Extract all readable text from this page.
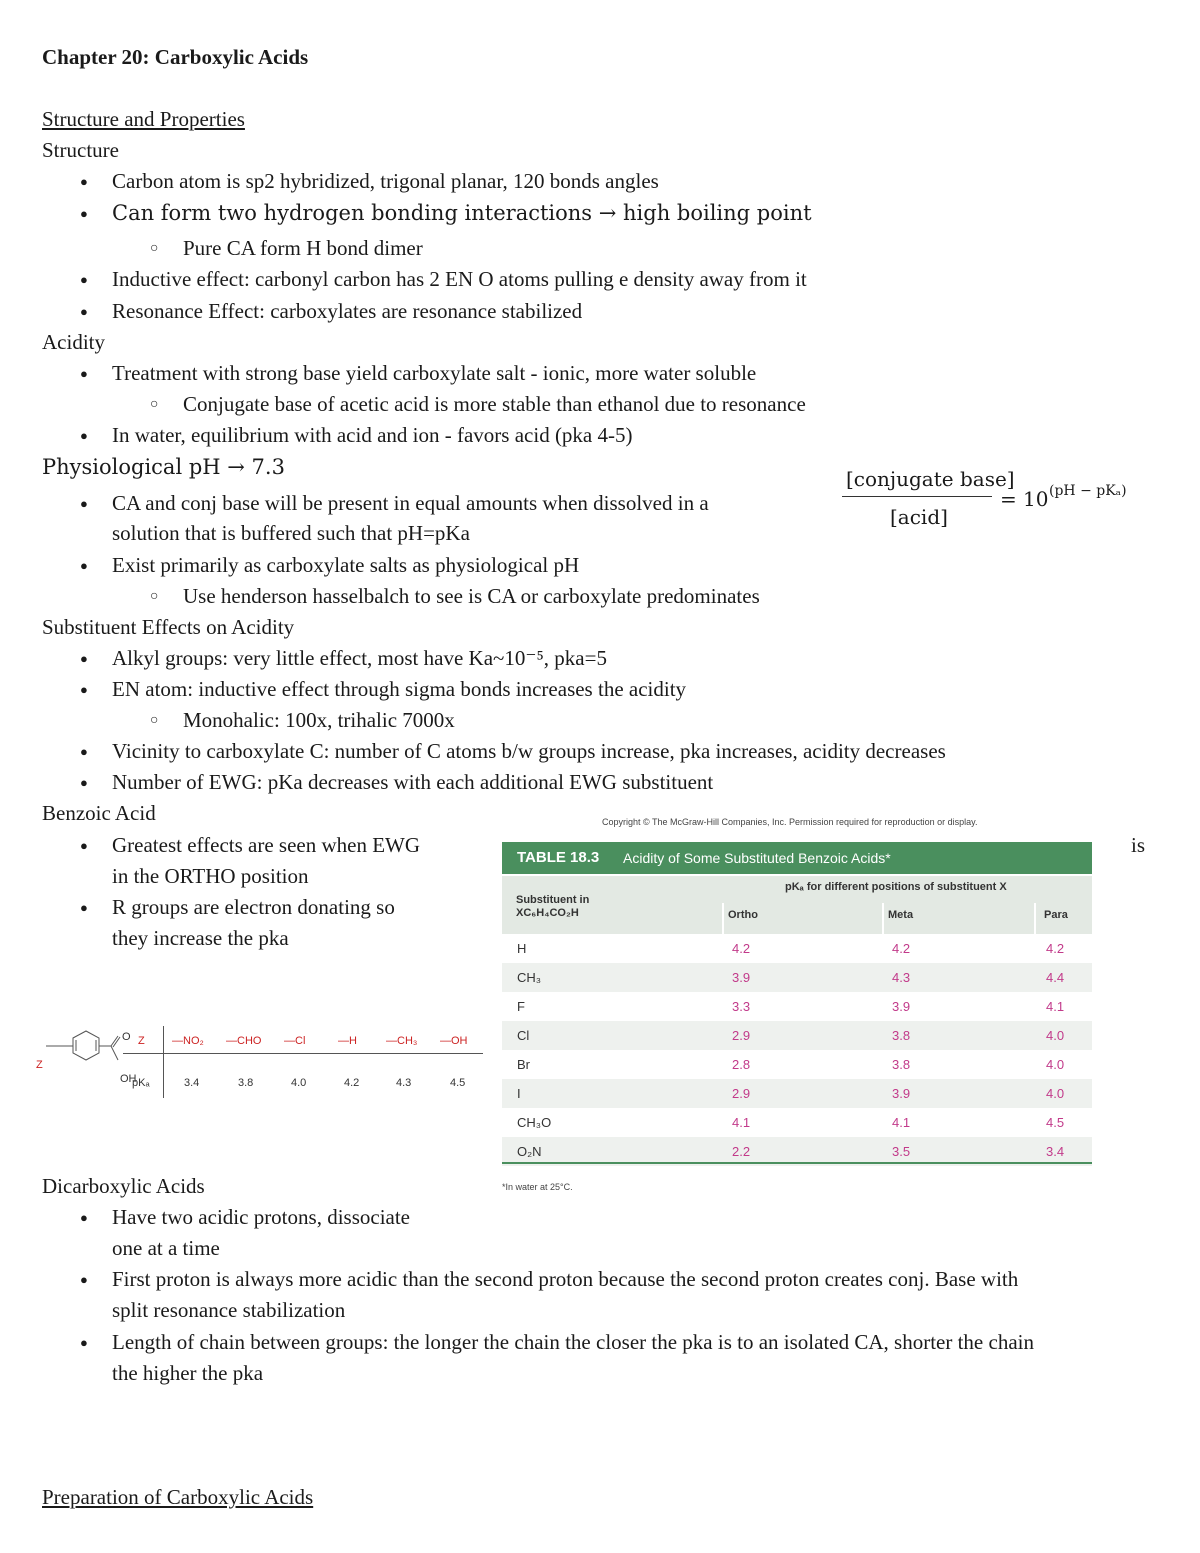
Chapter 20: Carboxylic Acids
Structure and Properties
Structure
Carbon atom is sp2 hybridized, trigonal planar, 120 bonds angles
Can form two hydrogen bonding interactions → high boiling point
Pure CA form H bond dimer
Inductive effect: carbonyl carbon has 2 EN O atoms pulling e density away from it
Resonance Effect: carboxylates are resonance stabilized
Acidity
Treatment with strong base yield carboxylate salt - ionic, more water soluble
Conjugate base of acetic acid is more stable than ethanol due to resonance
In water, equilibrium with acid and ion - favors acid (pka 4-5)
Physiological pH → 7.3
CA and conj base will be present in equal amounts when dissolved in a
solution that is buffered such that pH=pKa
Exist primarily as carboxylate salts as physiological pH
Use henderson hasselbalch to see is CA or carboxylate predominates
[conjugate base]
[acid]
= 10 (pH − pKₐ)
Substituent Effects on Acidity
Alkyl groups: very little effect, most have Ka~10⁻⁵, pka=5
EN atom: inductive effect through sigma bonds increases the acidity
Monohalic: 100x, trihalic 7000x
Vicinity to carboxylate C: number of C atoms b/w groups increase, pka increases, acidity decreases
Number of EWG: pKa decreases with each additional EWG substituent
Benzoic Acid
Greatest effects are seen when EWG
in the ORTHO position
R groups are electron donating so
they increase the pka
is
Z
O
OH
Z
pKₐ
—NO₂ —CHO —Cl	—H	—CH₃ —OH
3.4	3.8	4.0	4.2	4.3	4.5
Copyright © The McGraw-Hill Companies, Inc. Permission required for reproduction or display.
TABLE 18.3 Acidity of Some Substituted Benzoic Acids*
pKₐ for different positions of substituent X
Substituent in XC₆H₄CO₂H	Ortho	Meta	Para
H	4.2	4.2	4.2
CH₃	3.9	4.3	4.4
F	3.3	3.9	4.1
Cl	2.9	3.8	4.0
Br	2.8	3.8	4.0
I	2.9	3.9	4.0
CH₃O	4.1	4.1	4.5
O₂N	2.2	3.5	3.4
*In water at 25°C.
Dicarboxylic Acids
Have two acidic protons, dissociate
one at a time
First proton is always more acidic than the second proton because the second proton creates conj. Base with
split resonance stabilization
Length of chain between groups: the longer the chain the closer the pka is to an isolated CA, shorter the chain
the higher the pka
Preparation of Carboxylic Acids
